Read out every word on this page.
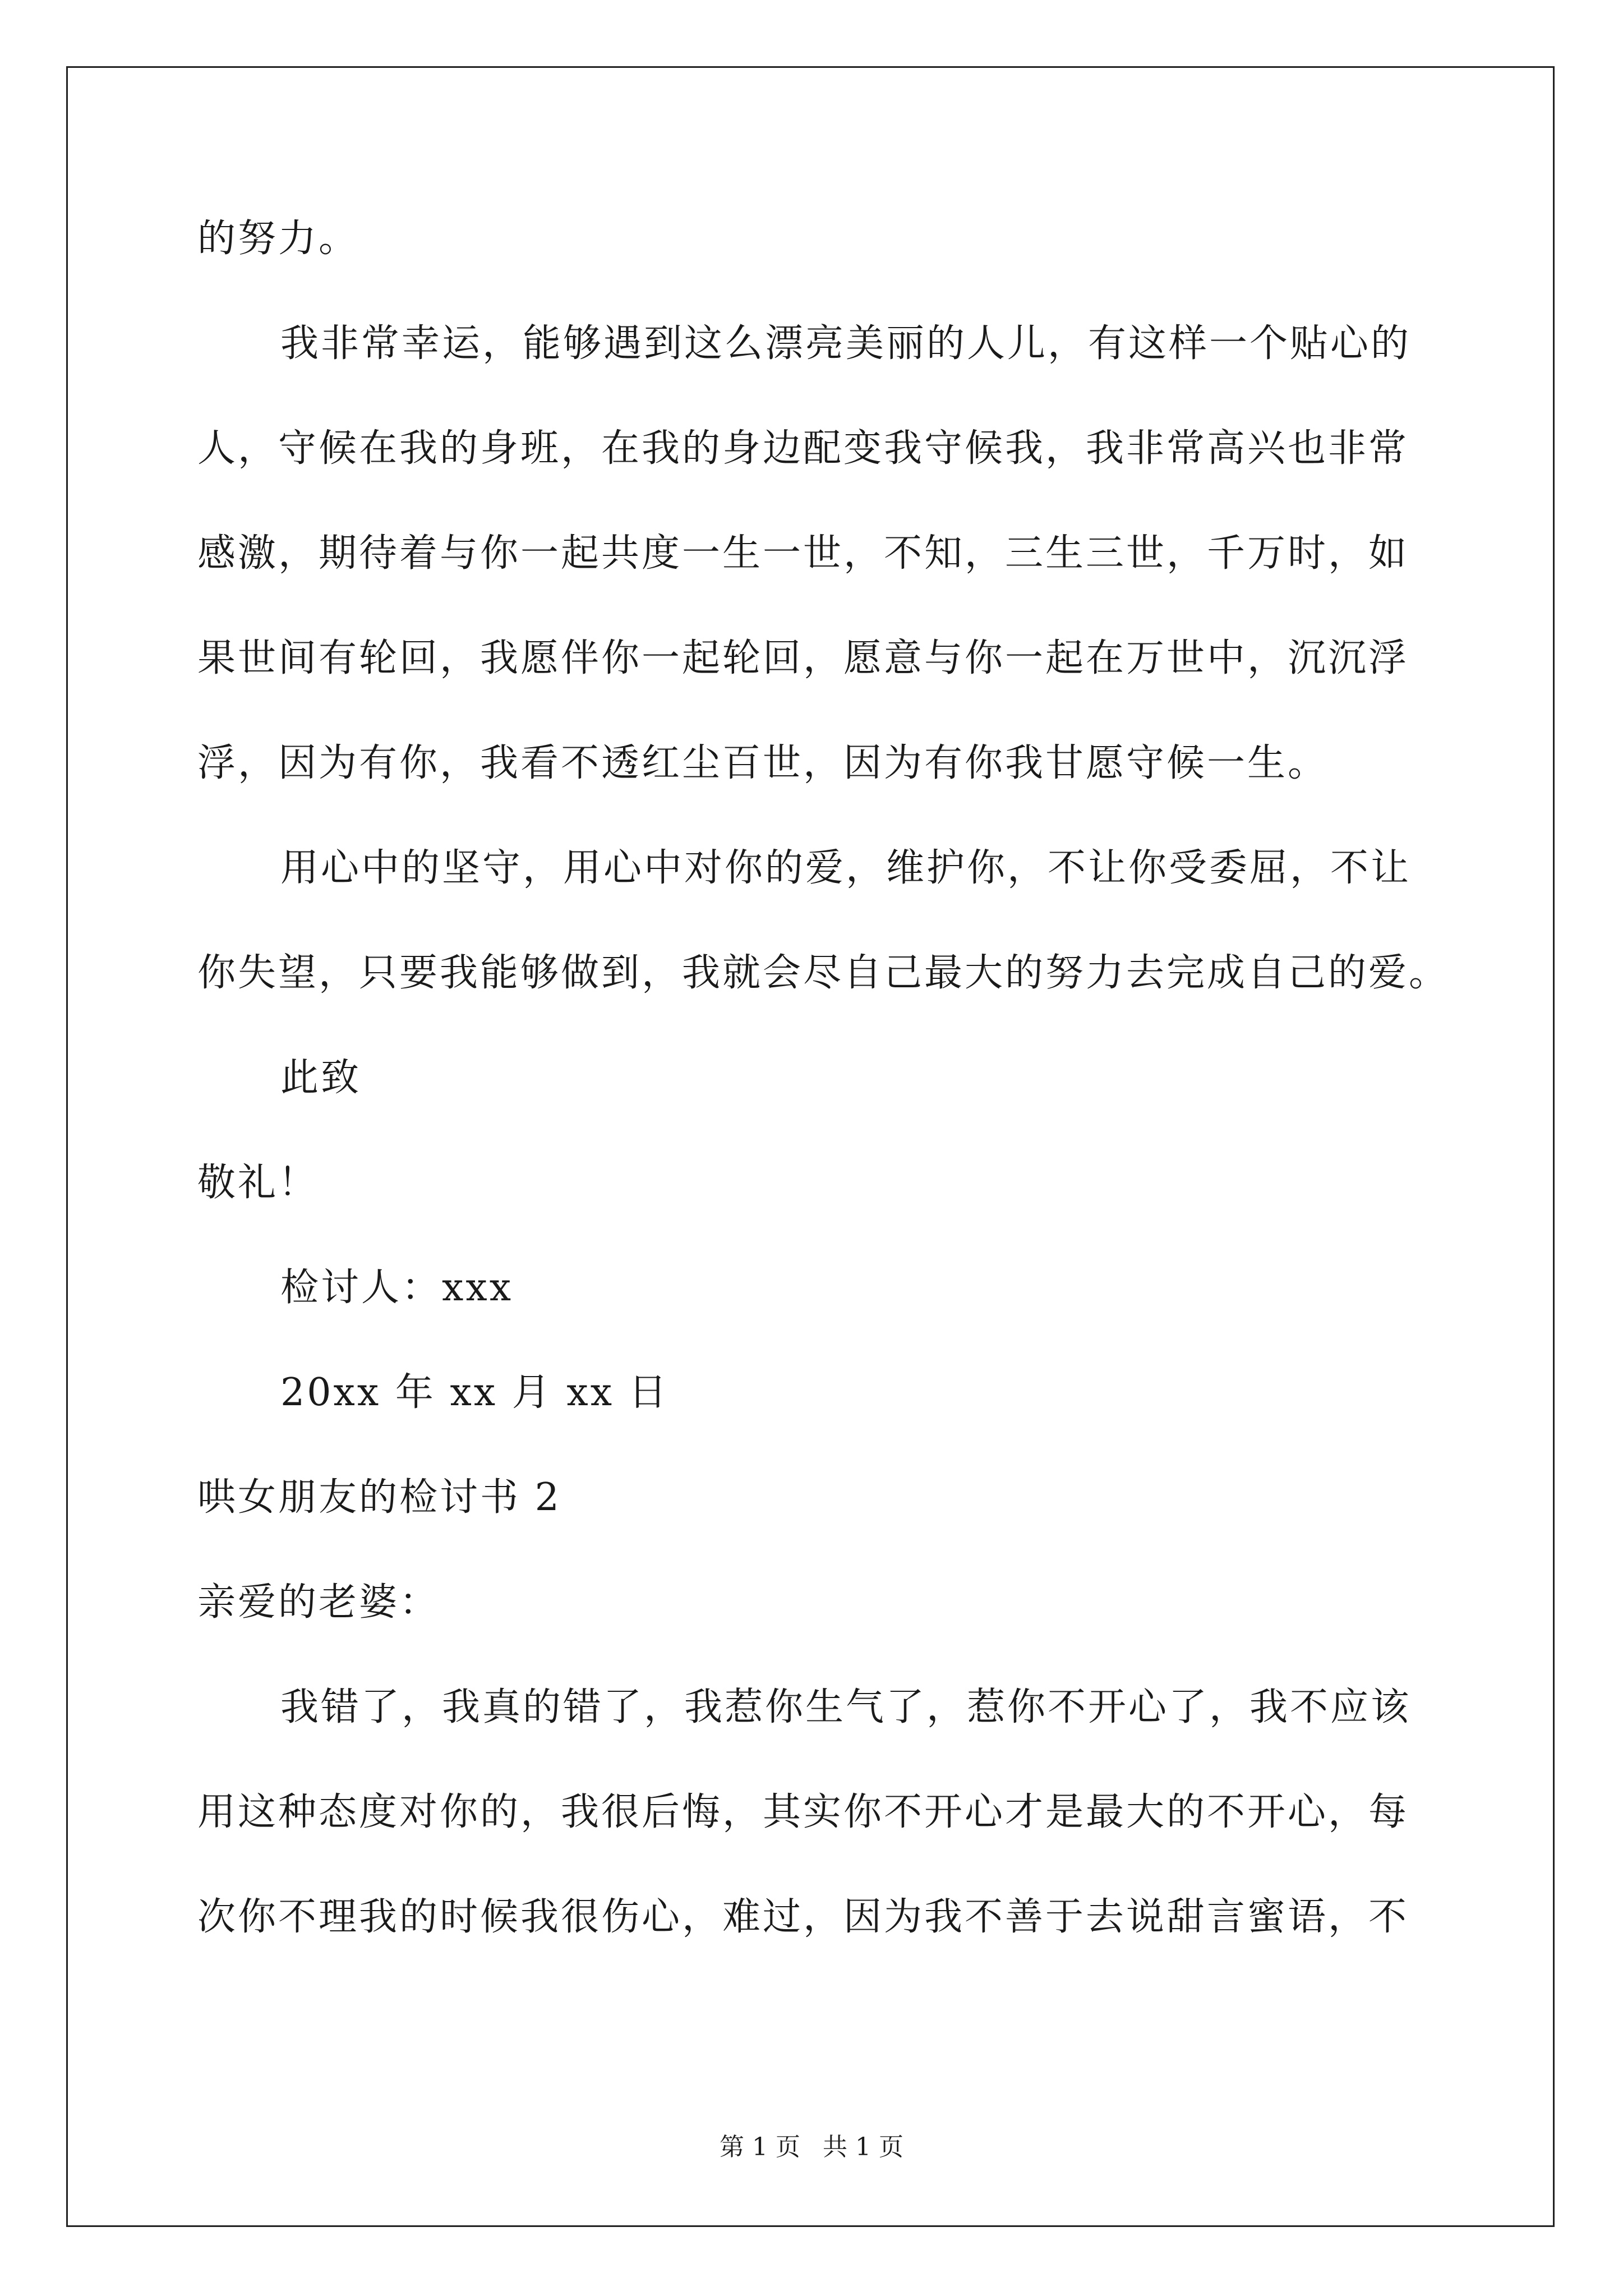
的努力。
我非常幸运，能够遇到这么漂亮美丽的人儿，有这样一个贴心的
人，守候在我的身班，在我的身边配变我守候我，我非常高兴也非常
感激，期待着与你一起共度一生一世，不知，三生三世，千万时，如
果世间有轮回，我愿伴你一起轮回，愿意与你一起在万世中，沉沉浮
浮，因为有你，我看不透红尘百世，因为有你我甘愿守候一生。
用心中的坚守，用心中对你的爱，维护你，不让你受委屈，不让
你失望，只要我能够做到，我就会尽自己最大的努力去完成自己的爱。
此致
敬礼！
检讨人：xxx
20xx 年 xx 月 xx 日
哄女朋友的检讨书 2
亲爱的老婆：
我错了，我真的错了，我惹你生气了，惹你不开心了，我不应该
用这种态度对你的，我很后悔，其实你不开心才是最大的不开心，每
次你不理我的时候我很伤心，难过，因为我不善于去说甜言蜜语，不
第 1 页 共 1 页
